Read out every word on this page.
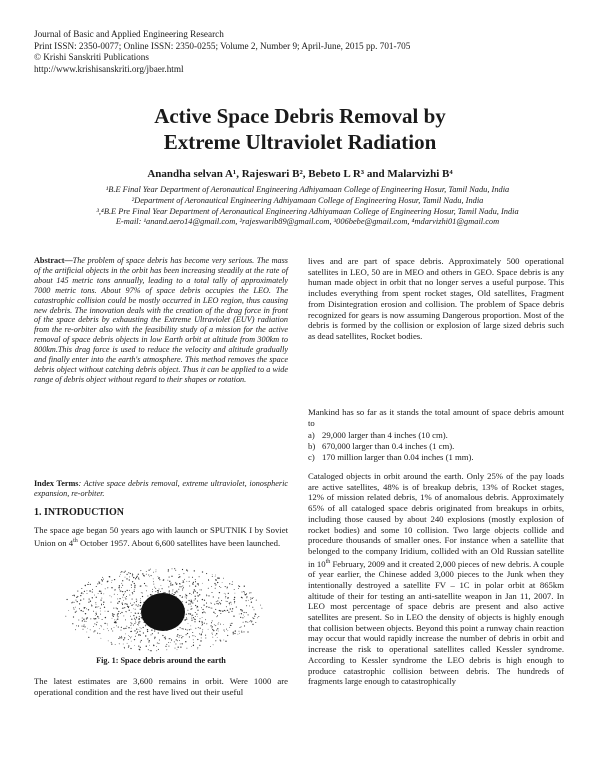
Journal of Basic and Applied Engineering Research
Print ISSN: 2350-0077; Online ISSN: 2350-0255; Volume 2, Number 9; April-June, 2015 pp. 701-705
© Krishi Sanskriti Publications
http://www.krishisanskriti.org/jbaer.html
Active Space Debris Removal by
Extreme Ultraviolet Radiation
Anandha selvan A¹, Rajeswari B², Bebeto L R³ and Malarvizhi B⁴
¹B.E Final Year Department of Aeronautical Engineering Adhiyamaan College of Engineering Hosur, Tamil Nadu, India
²Department of Aeronautical Engineering Adhiyamaan College of Engineering Hosur, Tamil Nadu, India
³,⁴B.E Pre Final Year Department of Aeronautical Engineering Adhiyamaan College of Engineering Hosur, Tamil Nadu, India
E-mail: ¹anand.aero14@gmail.com, ²rajeswarib89@gmail.com, ³006bebe@gmail.com, ⁴mdarvizhi01@gmail.com
Abstract—The problem of space debris has become very serious. The mass of the artificial objects in the orbit has been increasing steadily at the rate of about 145 metric tons annually, leading to a total tally of approximately 7000 metric tons. About 97% of space debris occupies the LEO. The catastrophic collision could be mostly occurred in LEO region, thus causing new debris. The innovation deals with the creation of the drag force in front of the space debris by exhausting the Extreme Ultraviolet (EUV) radiation from the re-orbiter also with the feasibility study of a mission for the active removal of space debris objects in low Earth orbit at altitude from 300km to 800km.This drag force is used to reduce the velocity and altitude gradually and finally enter into the earth's atmosphere. This method removes the space debris object without catching debris object. Thus it can be applied to a wide range of debris object without regard to their shapes or rotation.
Index Terms: Active space debris removal, extreme ultraviolet, ionospheric expansion, re-orbiter.
1. INTRODUCTION
The space age began 50 years ago with launch or SPUTNIK I by Soviet Union on 4th October 1957. About 6,600 satellites have been launched.
Fig. 1: Space debris around the earth
The latest estimates are 3,600 remains in orbit. Were 1000 are operational condition and the rest have lived out their useful
lives and are part of space debris. Approximately 500 operational satellites in LEO, 50 are in MEO and others in GEO. Space debris is any human made object in orbit that no longer serves a useful purpose. This includes everything from spent rocket stages, Old satellites, Fragment from Disintegration erosion and collision. The problem of Space debris recognized for gears is now assuming Dangerous proportion. Most of the debris is formed by the collision or explosion of large sized debris such as dead satellites, Rocket bodies.
Mankind has so far as it stands the total amount of space debris amount to
a) 29,000 larger than 4 inches (10 cm).
b) 670,000 larger than 0.4 inches (1 cm).
c) 170 million larger than 0.04 inches (1 mm).
Cataloged objects in orbit around the earth. Only 25% of the pay loads are active satellites, 48% is of breakup debris, 13% of Rocket stages, 12% of mission related debris, 1% of anomalous debris. Approximately 65% of all cataloged space debris originated from breakups in orbits, including those caused by about 240 explosions (mostly explosion of rocket bodies) and some 10 collision. Two large objects collide and procedure thousands of smaller ones. For instance when a satellite that belonged to the company Iridium, collided with an Old Russian satellite in 10th February, 2009 and it created 2,000 pieces of new debris. A couple of year earlier, the Chinese added 3,000 pieces to the Junk when they intentionally destroyed a satellite FV – 1C in polar orbit at 865km altitude of their for testing an anti-satellite weapon in Jan 11, 2007. In LEO most percentage of space debris are present and also active satellites are present. So in LEO the density of objects is highly enough that collision between objects. Beyond this point a runway chain reaction may occur that would rapidly increase the number of debris in orbit and increase the risk to operational satellites called Kessler syndrome. According to Kessler syndrome the LEO debris is high enough to produce catastrophic collision between debris. The hundreds of fragments large enough to catastrophically
